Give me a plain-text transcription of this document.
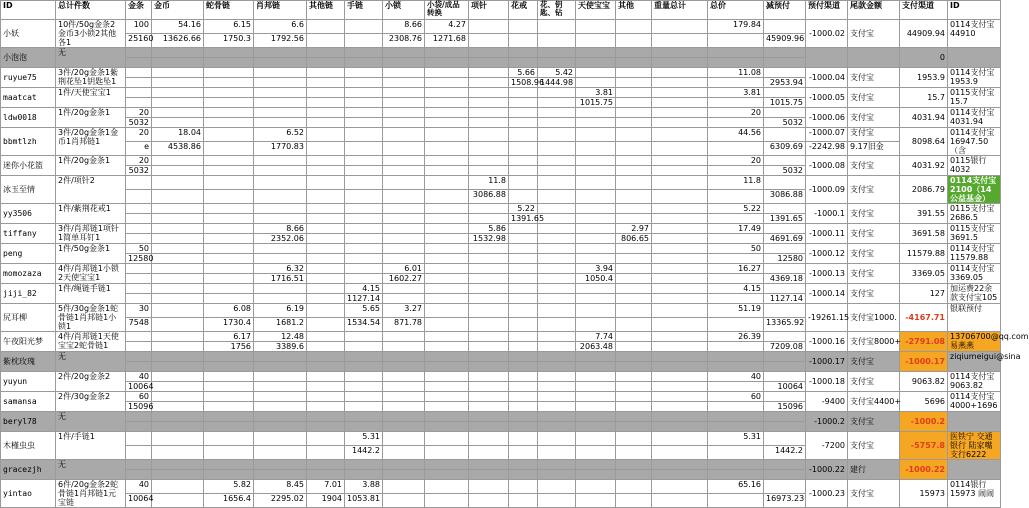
ID	总计件数	金条	金币	蛇骨链	肖邦链	其他链	手链	小锁	小袋/成品转换	项针	花戒	花、钥匙、钻	天使宝宝	其他	重量总计	总价	减预付	预付渠道	尾款金额	支付渠道	ID	
小妖	10件/50g金条2金币3小锁2其他各1	100	54.16	6.15	6.6			8.66	4.27							179.84		-1000.02	支付宝	44909.94	0114支付宝 44910	
		25160	13626.66	1750.3	1792.56			2308.76	1271.68								45909.96					
小泡泡	无																			0		

ruyue75	3件/20g金条1紫荆花坠1钥匙坠1										5.66	5.42				11.08		-1000.04	支付宝	1953.9	0114支付宝1953.9	
											1508.96	1444.98					2953.94					
maatcat	1件/天使宝宝1												3.81			3.81		-1000.05	支付宝	15.7	0115支付宝15.7	
													1015.75				1015.75					
ldw0018	1件/20g金条1	20														20		-1000.06	支付宝	4031.94	0114支付宝 4031.94	
		5032															5032					
bbmtlzh	3件/20g金条1金币1肖邦链1	20	18.04		6.52											44.56		-1000.07	支付宝	8098.64	0114支付宝 16947.50（含	
		e	4538.86		1770.83												6309.69	-2242.98	9.17旧金			
迷你小花篮	1件/20g金条1	20														20		-1000.08	支付宝	4031.92	0115银行4032	
		5032															5032					
冰玉至情	2件/项针2									11.8						11.8		-1000.09	支付宝	2086.79	0114支付宝2100（14公益基金）	
										3086.88							3086.88					
yy3506	1件/紫荆花戒1										5.22					5.22		-1000.1	支付宝	391.55	0115支付宝 2686.5	
											1391.65						1391.65					
tiffany	3件/肖邦链1项针1简单耳钉1				8.66					5.86				2.97		17.49		-1000.11	支付宝	3691.58	0115支付宝 3691.5	
					2352.06					1532.98				806.65			4691.69					
peng	1件/50g金条1	50														50		-1000.12	支付宝	11579.88	0114支付宝 11579.88	
		12580															12580					
momozaza	4件/肖邦链1小锁2天使宝宝1				6.32			6.01					3.94			16.27		-1000.13	支付宝	3369.05	0114支付宝 3369.05	
					1716.51			1602.27					1050.4				4369.18					
jiji_82	1件/绳链手链1						4.15									4.15		-1000.14	支付宝	127	加运费22余款支付宝105	
							1127.14										1127.14					
尻耳柳	5件/30g金条1蛇骨链1肖邦链1小锁1	30		6.08	6.19		5.65	3.27								51.19		-19261.15	支付宝1000.	-4167.71	银联预付	
		7548		1730.4	1681.2		1534.54	871.78									13365.92					
午夜阳光梦	4件/肖邦链1天使宝宝2蛇骨链1			6.17	12.48								7.74			26.39		-1000.16	支付宝8000+	-2791.08	13706700@qq.com 易燕燕	
				1756	3389.6								2063.48				7209.08					
紫枕玫瑰	无																	-1000.17	支付宝	-1000.17	ziqiumeigui@sina	

yuyun	2件/20g金条2	40														40		-1000.18	支付宝	9063.82	0114支付宝 9063.82	
		10064															10064					
samansa	2件/30g金条2	60														60		-9400	支付宝4400+	5696	0114支付宝 4000+1696	
		15096															15096					
beryl78	无																	-1000.2	支付宝	-1000.2		

木槿虫虫	1件/手链1						5.31									5.31		-7200	支付宝	-5757.8	医铁宁 交通银行 陆家嘴支行6222	
							1442.2										1442.2					
gracezjh	无																	-1000.22	建行	-1000.22		

yintao	6件/20g金条2蛇骨链1肖邦链1元宝链	40		5.82	8.45	7.01	3.88									65.16		-1000.23	支付宝	15973	0114银行15973 闹闹	
		10064		1656.4	2295.02	1904	1053.81										16973.23					
